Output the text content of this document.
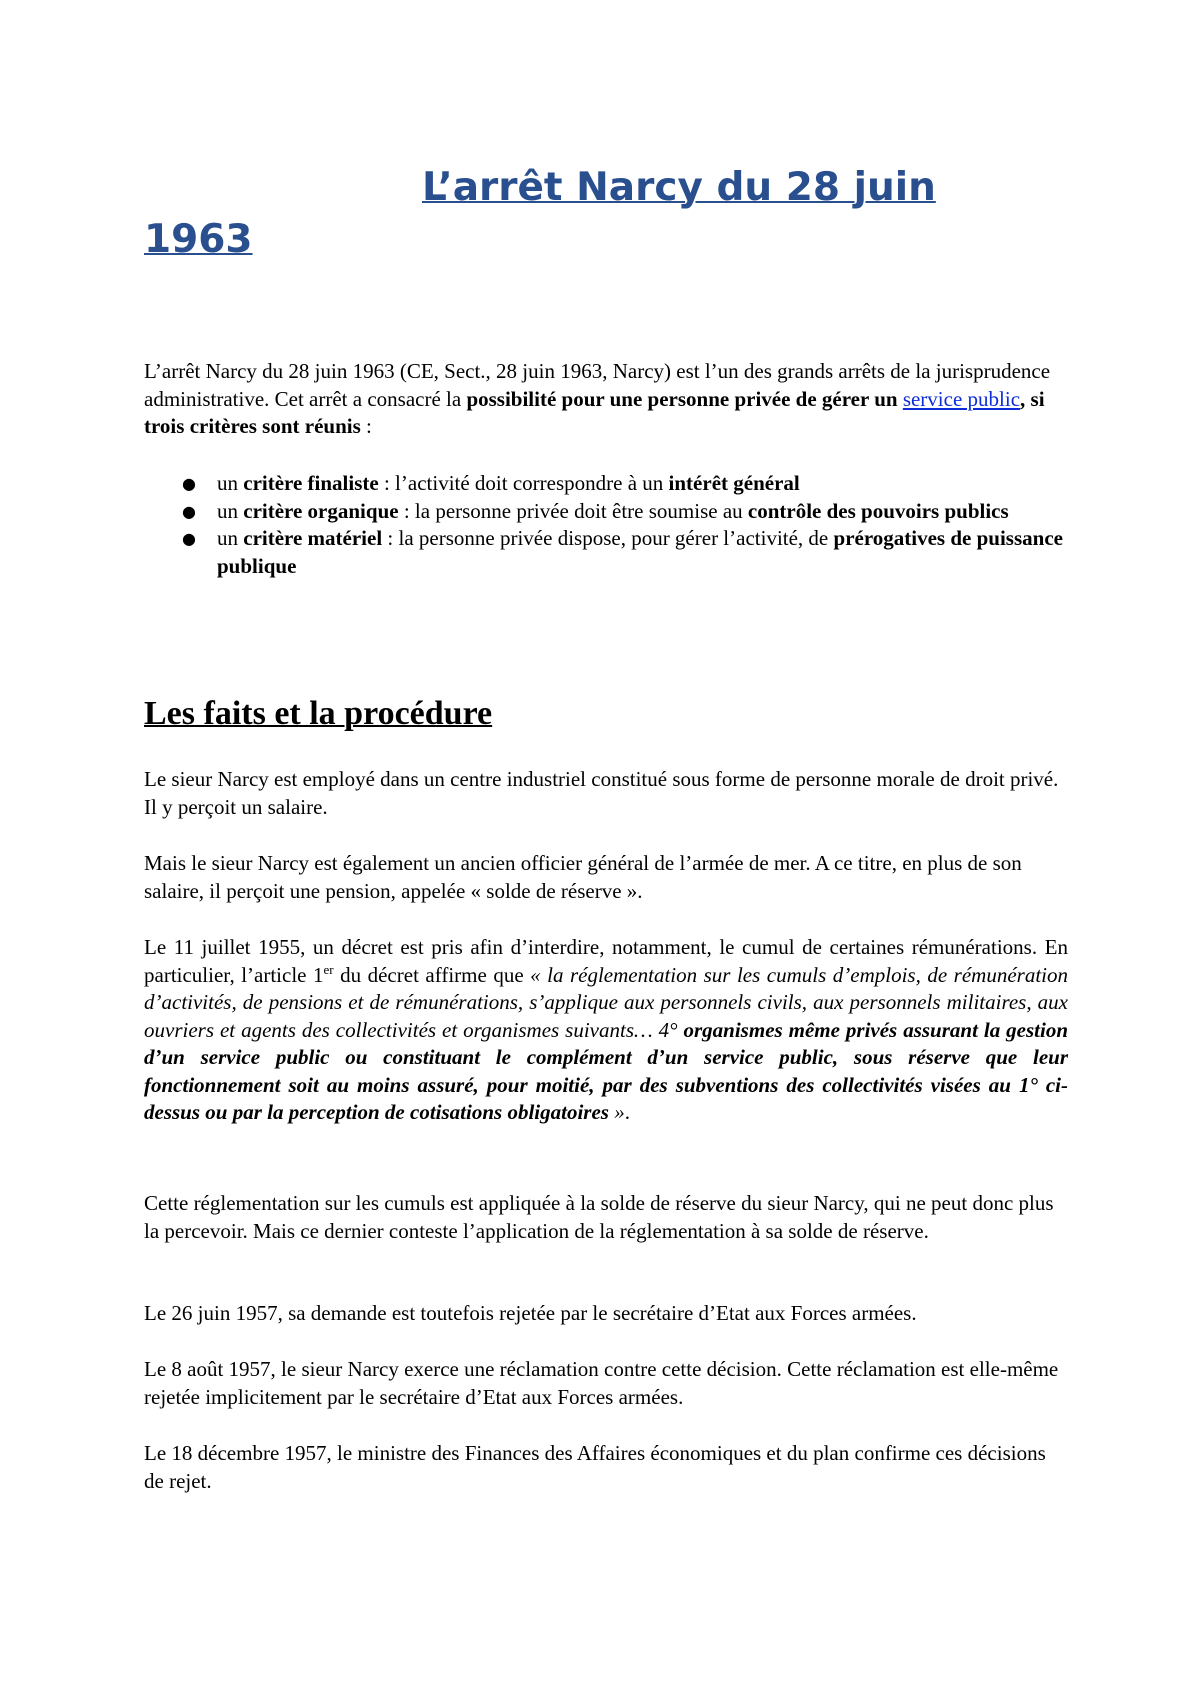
L’arrêt Narcy du 28 juin
1963

L’arrêt Narcy du 28 juin 1963 (CE, Sect., 28 juin 1963, Narcy) est l’un des grands arrêts de la jurisprudence administrative. Cet arrêt a consacré la possibilité pour une personne privée de gérer un service public, si trois critères sont réunis :

● un critère finaliste : l’activité doit correspondre à un intérêt général
● un critère organique : la personne privée doit être soumise au contrôle des pouvoirs publics
● un critère matériel : la personne privée dispose, pour gérer l’activité, de prérogatives de puissance publique
Les faits et la procédure

Le sieur Narcy est employé dans un centre industriel constitué sous forme de personne morale de droit privé. Il y perçoit un salaire.

Mais le sieur Narcy est également un ancien officier général de l’armée de mer. A ce titre, en plus de son salaire, il perçoit une pension, appelée « solde de réserve ».

Le 11 juillet 1955, un décret est pris afin d’interdire, notamment, le cumul de certaines rémunérations. En particulier, l’article 1er du décret affirme que « la réglementation sur les cumuls d’emplois, de rémunération d’activités, de pensions et de rémunérations, s’applique aux personnels civils, aux personnels militaires, aux ouvriers et agents des collectivités et organismes suivants… 4° organismes même privés assurant la gestion d’un service public ou constituant le complément d’un service public, sous réserve que leur fonctionnement soit au moins assuré, pour moitié, par des subventions des collectivités visées au 1° ci-dessus ou par la perception de cotisations obligatoires ».

Cette réglementation sur les cumuls est appliquée à la solde de réserve du sieur Narcy, qui ne peut donc plus la percevoir. Mais ce dernier conteste l’application de la réglementation à sa solde de réserve.

Le 26 juin 1957, sa demande est toutefois rejetée par le secrétaire d’Etat aux Forces armées.

Le 8 août 1957, le sieur Narcy exerce une réclamation contre cette décision. Cette réclamation est elle-même rejetée implicitement par le secrétaire d’Etat aux Forces armées.

Le 18 décembre 1957, le ministre des Finances des Affaires économiques et du plan confirme ces décisions de rejet.
